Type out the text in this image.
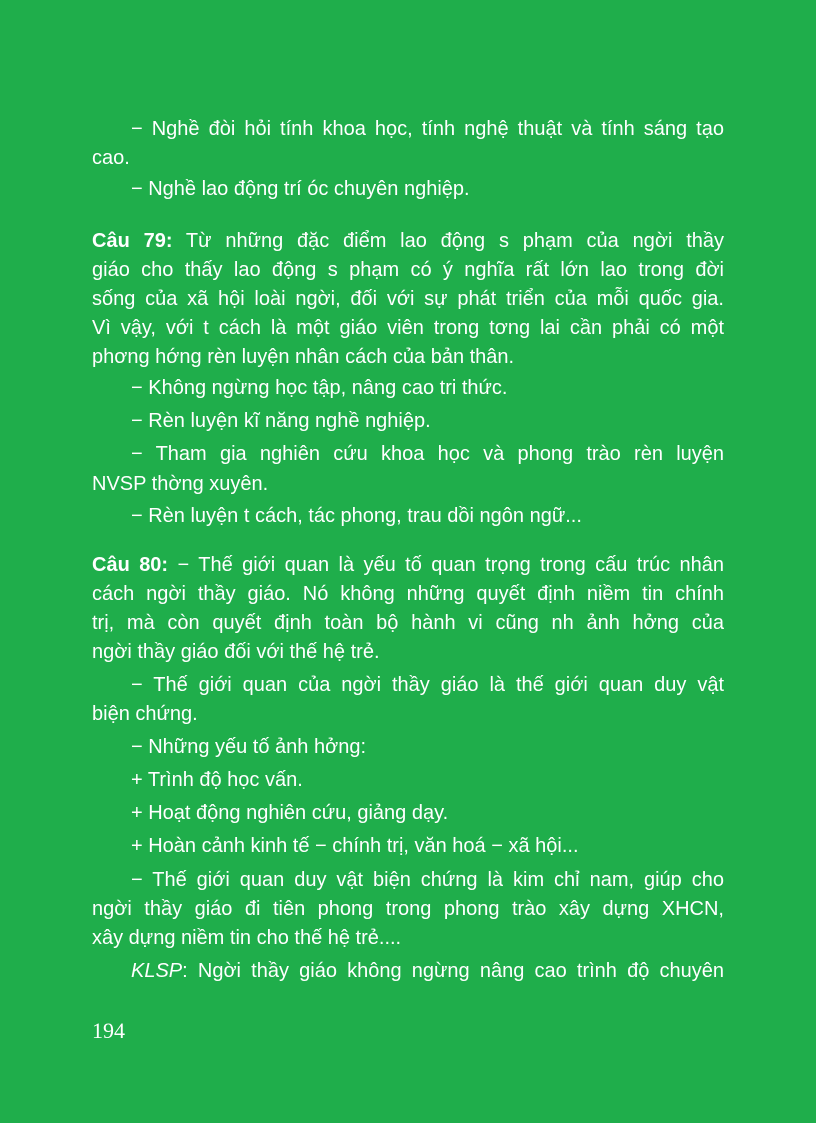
− Nghề đòi hỏi tính khoa học, tính nghệ thuật và tính sáng tạo
cao.
− Nghề lao động trí óc chuyên nghiệp.
Câu 79: Từ những đặc điểm lao động s phạm của ngời thầy
giáo cho thấy lao động s phạm có ý nghĩa rất lớn lao trong đời
sống của xã hội loài ngời, đối với sự phát triển của mỗi quốc gia.
Vì vậy, với t cách là một giáo viên trong tơng lai cần phải có một
phơng hớng rèn luyện nhân cách của bản thân.
− Không ngừng học tập, nâng cao tri thức.
− Rèn luyện kĩ năng nghề nghiệp.
− Tham gia nghiên cứu khoa học và phong trào rèn luyện
NVSP thờng xuyên.
− Rèn luyện t cách, tác phong, trau dồi ngôn ngữ...
Câu 80: − Thế giới quan là yếu tố quan trọng trong cấu trúc nhân
cách ngời thầy giáo. Nó không những quyết định niềm tin chính
trị, mà còn quyết định toàn bộ hành vi cũng nh ảnh hởng của
ngời thầy giáo đối với thế hệ trẻ.
− Thế giới quan của ngời thầy giáo là thế giới quan duy vật
biện chứng.
− Những yếu tố ảnh hởng:
+ Trình độ học vấn.
+ Hoạt động nghiên cứu, giảng dạy.
+ Hoàn cảnh kinh tế − chính trị, văn hoá − xã hội...
− Thế giới quan duy vật biện chứng là kim chỉ nam, giúp cho
ngời thầy giáo đi tiên phong trong phong trào xây dựng XHCN,
xây dựng niềm tin cho thế hệ trẻ....
KLSP: Ngời thầy giáo không ngừng nâng cao trình độ chuyên
194
